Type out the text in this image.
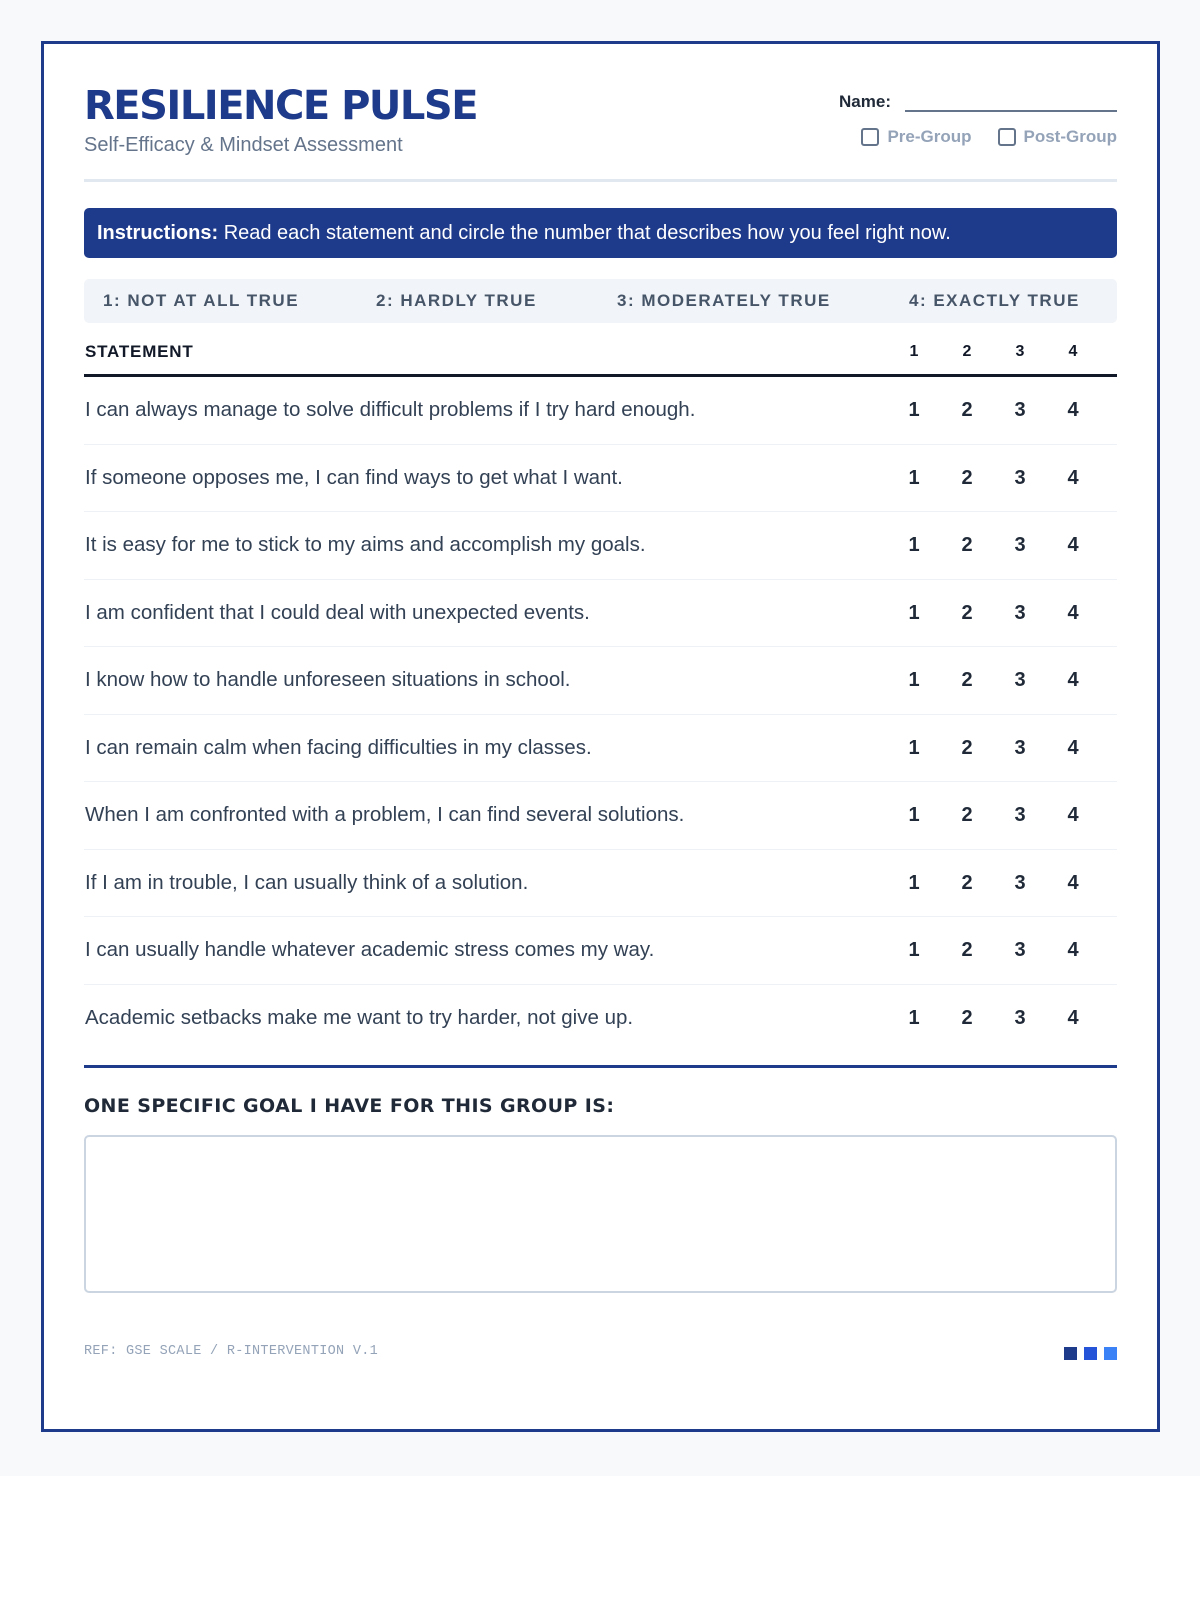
RESILIENCE PULSE
Self-Efficacy & Mindset Assessment
Name:
Pre-Group	Post-Group
Instructions: Read each statement and circle the number that describes how you feel right now.
1: NOT AT ALL TRUE	2: HARDLY TRUE	3: MODERATELY TRUE	4: EXACTLY TRUE
STATEMENT	1	2	3	4
I can always manage to solve difficult problems if I try hard enough.	1	2	3	4
If someone opposes me, I can find ways to get what I want.	1	2	3	4
It is easy for me to stick to my aims and accomplish my goals.	1	2	3	4
I am confident that I could deal with unexpected events.	1	2	3	4
I know how to handle unforeseen situations in school.	1	2	3	4
I can remain calm when facing difficulties in my classes.	1	2	3	4
When I am confronted with a problem, I can find several solutions.	1	2	3	4
If I am in trouble, I can usually think of a solution.	1	2	3	4
I can usually handle whatever academic stress comes my way.	1	2	3	4
Academic setbacks make me want to try harder, not give up.	1	2	3	4
ONE SPECIFIC GOAL I HAVE FOR THIS GROUP IS:
REF: GSE SCALE / R-INTERVENTION V.1
